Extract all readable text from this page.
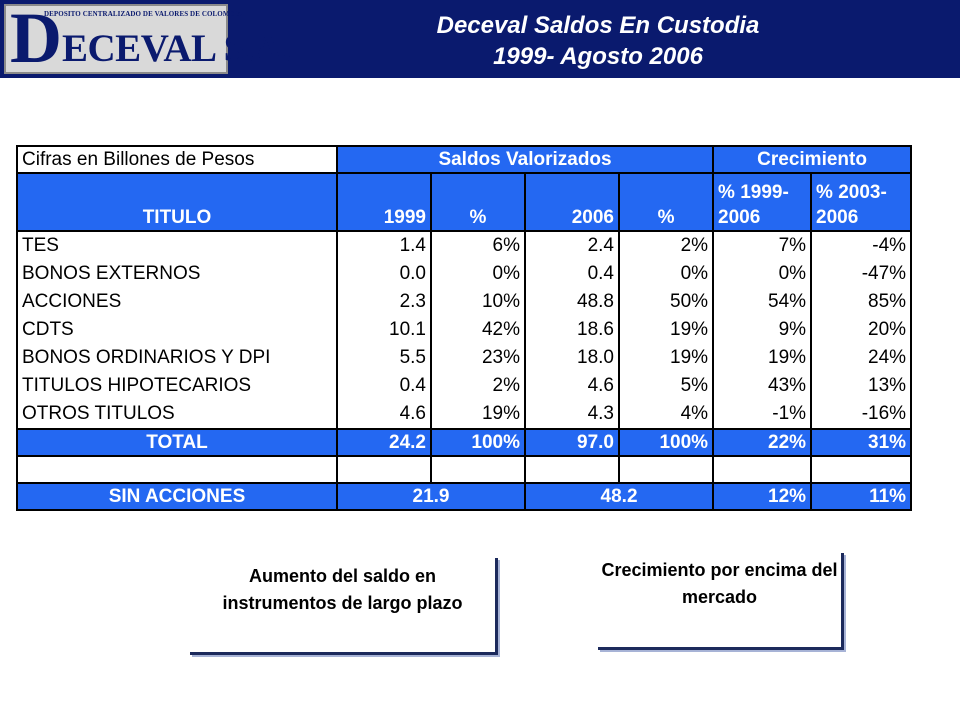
DEPOSITO CENTRALIZADO DE VALORES DE COLOMBIA
D ECEVAL S.A.
Deceval Saldos En Custodia
1999- Agosto 2006
Cifras en Billones de Pesos	Saldos Valorizados				Crecimiento	
TITULO	1999	%	2006	%	% 1999- 2006	% 2003- 2006
TES	1.4	6%	2.4	2%	7%	-4%
BONOS EXTERNOS	0.0	0%	0.4	0%	0%	-47%
ACCIONES	2.3	10%	48.8	50%	54%	85%
CDTS	10.1	42%	18.6	19%	9%	20%
BONOS ORDINARIOS Y DPI	5.5	23%	18.0	19%	19%	24%
TITULOS HIPOTECARIOS	0.4	2%	4.6	5%	43%	13%
OTROS TITULOS	4.6	19%	4.3	4%	-1%	-16%
TOTAL	24.2	100%	97.0	100%	22%	31%

SIN ACCIONES	21.9		48.2		12%	11%
Aumento del saldo en instrumentos de largo plazo
Crecimiento por encima del mercado
